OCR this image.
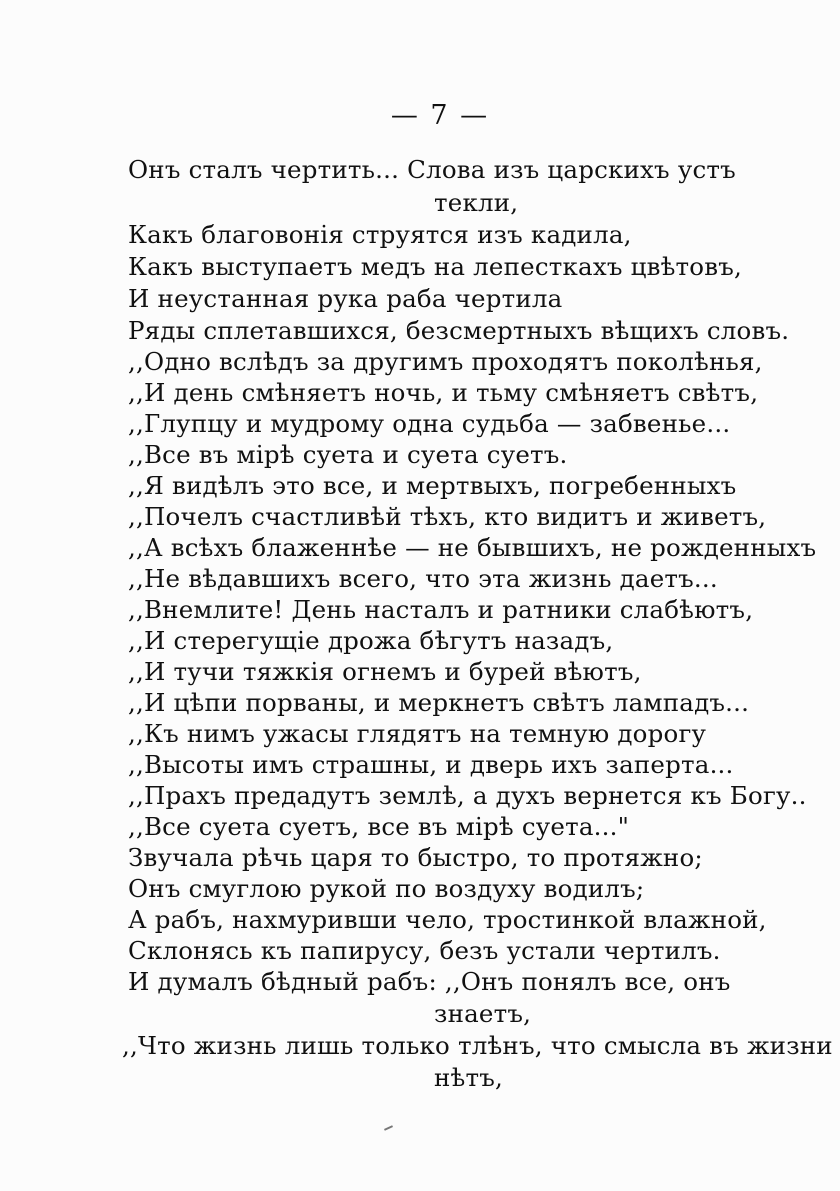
— 7 —
Онъ сталъ чертить... Слова изъ царскихъ устъ
текли,
Какъ благовонія струятся изъ кадила,
Какъ выступаетъ медъ на лепесткахъ цвѣтовъ,
И неустанная рука раба чертила
Ряды сплетавшихся, безсмертныхъ вѣщихъ словъ.
,,Одно вслѣдъ за другимъ проходятъ поколѣнья,
,,И день смѣняетъ ночь, и тьму смѣняетъ свѣтъ,
,,Глупцу и мудрому одна судьба — забвенье...
,,Все въ мірѣ суета и суета суетъ.
,,Я видѣлъ это все, и мертвыхъ, погребенныхъ
,,Почелъ счастливѣй тѣхъ, кто видитъ и живетъ,
,,А всѣхъ блаженнѣе — не бывшихъ, не рожденныхъ
,,Не вѣдавшихъ всего, что эта жизнь даетъ...
,,Внемлите! День насталъ и ратники слабѣютъ,
,,И стерегущіе дрожа бѣгутъ назадъ,
,,И тучи тяжкія огнемъ и бурей вѣютъ,
,,И цѣпи порваны, и меркнетъ свѣтъ лампадъ...
,,Къ нимъ ужасы глядятъ на темную дорогу
,,Высоты имъ страшны, и дверь ихъ заперта...
,,Прахъ предадутъ землѣ, а духъ вернется къ Богу..
,,Все суета суетъ, все въ мірѣ суета..."
Звучала рѣчь царя то быстро, то протяжно;
Онъ смуглою рукой по воздуху водилъ;
А рабъ, нахмуривши чело, тростинкой влажной,
Склонясь къ папирусу, безъ устали чертилъ.
И думалъ бѣдный рабъ: ,,Онъ понялъ все, онъ
знаетъ,
,,Что жизнь лишь только тлѣнъ, что смысла въ жизни
нѣтъ,
